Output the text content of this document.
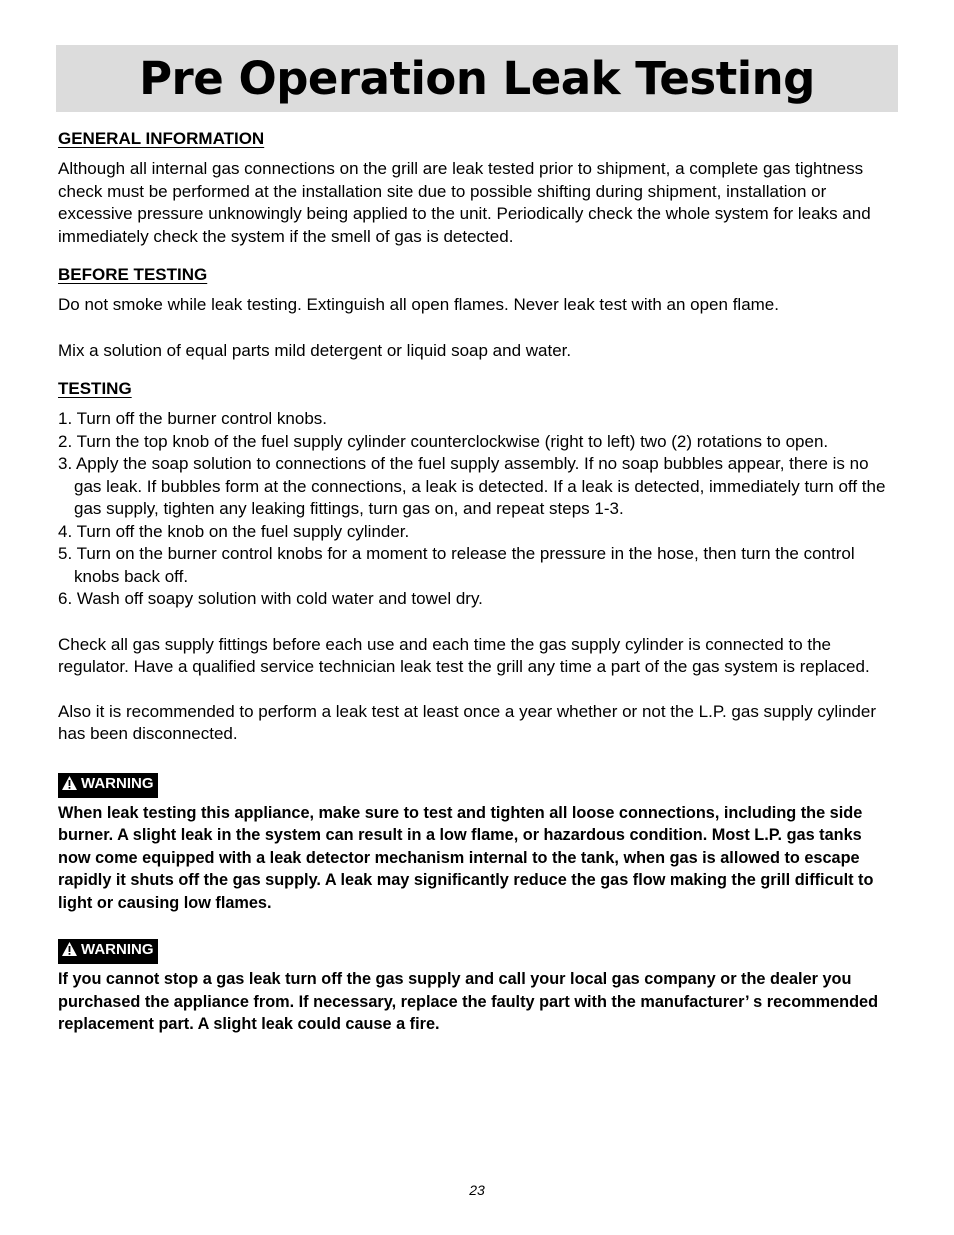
Pre Operation Leak Testing
GENERAL INFORMATION

Although all internal gas connections on the grill are leak tested prior to shipment, a complete gas tightness check must be performed at the installation site due to possible shifting during shipment, installation or excessive pressure unknowingly being applied to the unit. Periodically check the whole system for leaks and immediately check the system if the smell of gas is detected.

BEFORE TESTING

Do not smoke while leak testing. Extinguish all open flames. Never leak test with an open flame.

Mix a solution of equal parts mild detergent or liquid soap and water.

TESTING
1. Turn off the burner control knobs.
2. Turn the top knob of the fuel supply cylinder counterclockwise (right to left) two (2) rotations to open.
3. Apply the soap solution to connections of the fuel supply assembly. If no soap bubbles appear, there is no gas leak. If bubbles form at the connections, a leak is detected. If a leak is detected, immediately turn off the gas supply, tighten any leaking fittings, turn gas on, and repeat steps 1-3.
4. Turn off the knob on the fuel supply cylinder.
5. Turn on the burner control knobs for a moment to release the pressure in the hose, then turn the control knobs back off.
6. Wash off soapy solution with cold water and towel dry.

Check all gas supply fittings before each use and each time the gas supply cylinder is connected to the regulator. Have a qualified service technician leak test the grill any time a part of the gas system is replaced.

Also it is recommended to perform a leak test at least once a year whether or not the L.P. gas supply cylinder has been disconnected.

WARNING

When leak testing this appliance, make sure to test and tighten all loose connections, including the side burner. A slight leak in the system can result in a low flame, or hazardous condition. Most L.P. gas tanks now come equipped with a leak detector mechanism internal to the tank, when gas is allowed to escape rapidly it shuts off the gas supply. A leak may significantly reduce the gas flow making the grill difficult to light or causing low flames.

WARNING

If you cannot stop a gas leak turn off the gas supply and call your local gas company or the dealer you purchased the appliance from. If necessary, replace the faulty part with the manufacturer’ s recommended replacement part. A slight leak could cause a fire.

23
